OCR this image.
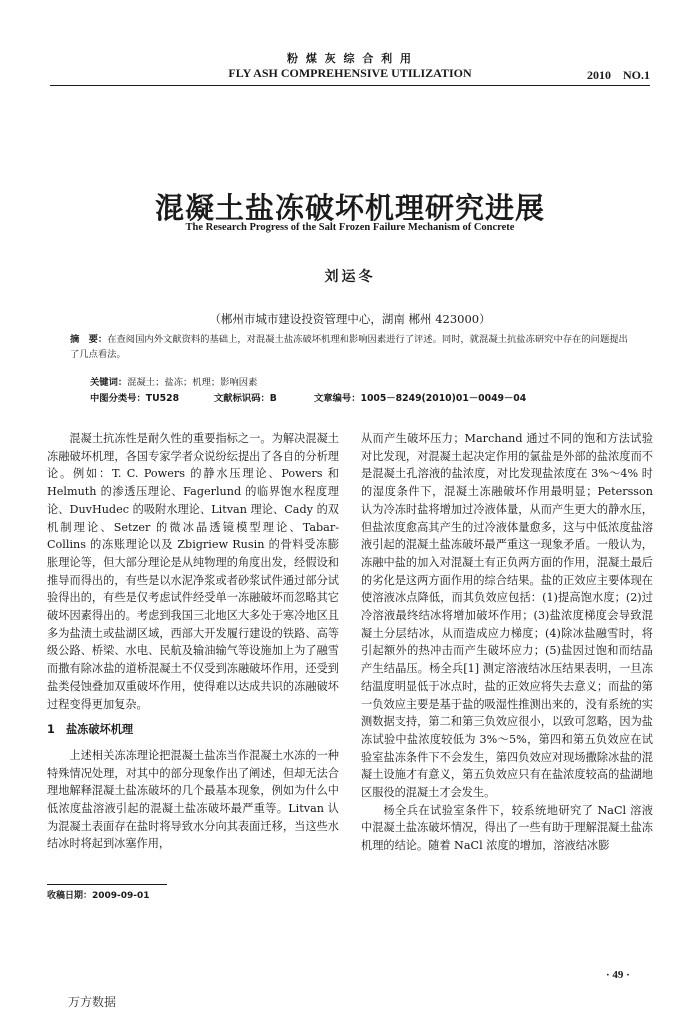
粉 煤 灰 综 合 利 用
FLY ASH COMPREHENSIVE UTILIZATION	2010　NO.1
混凝土盐冻破坏机理研究进展
The Research Progress of the Salt Frozen Failure Mechanism of Concrete
刘运冬
（郴州市城市建设投资管理中心，湖南 郴州 423000）

摘　要：在查阅国内外文献资料的基础上，对混凝土盐冻破坏机理和影响因素进行了评述。同时，就混凝土抗盐冻研究中存在的问题提出了几点看法。

关键词：混凝土；盐冻；机理；影响因素

中图分类号：TU528	文献标识码：B	文章编号：1005－8249(2010)01－0049－04

混凝土抗冻性是耐久性的重要指标之一。为解决混凝土冻融破坏机理，各国专家学者众说纷纭提出了各自的分析理论。例如：T. C. Powers 的静水压理论、Powers 和 Helmuth 的渗透压理论、Fagerlund 的临界饱水程度理论、DuvHudec 的吸附水理论、Litvan 理论、Cady 的双机制理论、Setzer 的微冰晶透镜模型理论、Tabar-Collins 的冻账理论以及 Zbigriew Rusin 的骨料受冻膨胀理论等，但大部分理论是从纯物理的角度出发，经假设和推导而得出的，有些是以水泥净浆或者砂浆试件通过部分试验得出的，有些是仅考虑试件经受单一冻融破坏而忽略其它破坏因素得出的。考虑到我国三北地区大多处于寒冷地区且多为盐渍土或盐湖区域，西部大开发履行建设的铁路、高等级公路、桥梁、水电、民航及输油输气等设施加上为了融雪而撒有除冰盐的道桥混凝土不仅受到冻融破坏作用，还受到盐类侵蚀叠加双重破坏作用，使得难以达成共识的冻融破坏过程变得更加复杂。

1　盐冻破坏机理

上述相关冻冻理论把混凝土盐冻当作混凝土水冻的一种特殊情况处理，对其中的部分现象作出了阐述，但却无法合理地解释混凝土盐冻破坏的几个最基本现象，例如为什么中低浓度盐溶液引起的混凝土盐冻破坏最严重等。Litvan 认为混凝土表面存在盐时将导致水分向其表面迁移，当这些水结冰时将起到冰塞作用，

收稿日期：2009-09-01

从而产生破坏压力；Marchand 通过不同的饱和方法试验对比发现，对混凝土起决定作用的氯盐是外部的盐浓度而不是混凝土孔溶液的盐浓度，对比发现盐浓度在 3%～4% 时的湿度条件下，混凝土冻融破坏作用最明显；Petersson 认为冷冻时盐将增加过冷液体量，从而产生更大的静水压，但盐浓度愈高其产生的过冷液体量愈多，这与中低浓度盐溶液引起的混凝土盐冻破坏最严重这一现象矛盾。一般认为，冻融中盐的加入对混凝土有正负两方面的作用，混凝土最后的劣化是这两方面作用的综合结果。盐的正效应主要体现在使溶液冰点降低，而其负效应包括：(1)提高饱水度；(2)过冷溶液最终结冰将增加破坏作用；(3)盐浓度梯度会导致混凝土分层结冰，从而造成应力梯度；(4)除冰盐融雪时，将引起额外的热冲击而产生破坏应力；(5)盐因过饱和而结晶产生结晶压。杨全兵[1] 测定溶液结冰压结果表明，一旦冻结温度明显低于冰点时，盐的正效应将失去意义；而盐的第一负效应主要是基于盐的吸湿性推测出来的，没有系统的实测数据支持，第二和第三负效应很小，以致可忽略，因为盐冻试验中盐浓度较低为 3%～5%，第四和第五负效应在试验室盐冻条件下不会发生，第四负效应对现场撒除冰盐的混凝土设施才有意义，第五负效应只有在盐浓度较高的盐湖地区服役的混凝土才会发生。

杨全兵在试验室条件下，较系统地研究了 NaCl 溶液中混凝土盐冻破坏情况，得出了一些有助于理解混凝土盐冻机理的结论。随着 NaCl 浓度的增加，溶液结冰膨

· 49 ·
万方数据
